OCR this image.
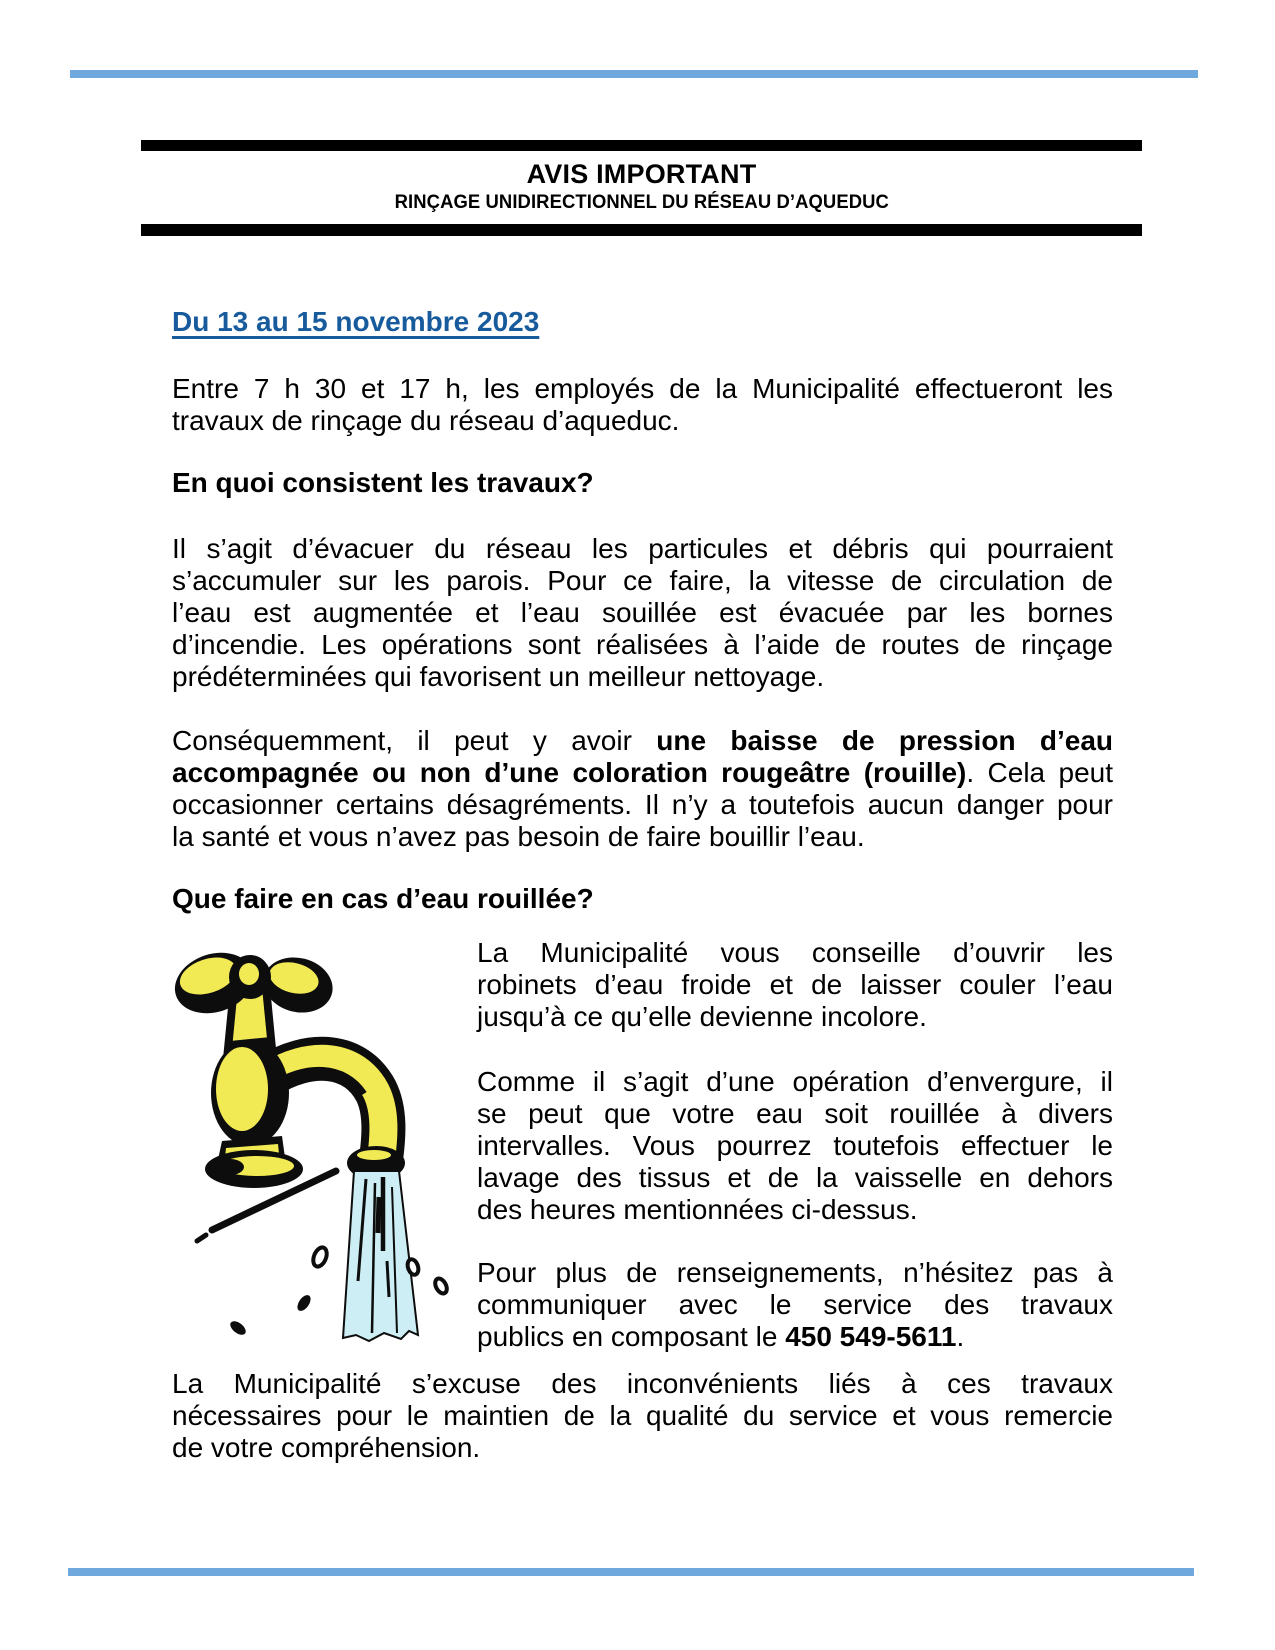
AVIS IMPORTANT
RINÇAGE UNIDIRECTIONNEL DU RÉSEAU D’AQUEDUC
Du 13 au 15 novembre 2023
Entre 7 h 30 et 17 h, les employés de la Municipalité effectueront les
travaux de rinçage du réseau d’aqueduc.
En quoi consistent les travaux?
Il s’agit d’évacuer du réseau les particules et débris qui pourraient
s’accumuler sur les parois. Pour ce faire, la vitesse de circulation de
l’eau est augmentée et l’eau souillée est évacuée par les bornes
d’incendie. Les opérations sont réalisées à l’aide de routes de rinçage
prédéterminées qui favorisent un meilleur nettoyage.
Conséquemment, il peut y avoir une baisse de pression d’eau
accompagnée ou non d’une coloration rougeâtre (rouille). Cela peut
occasionner certains désagréments. Il n’y a toutefois aucun danger pour
la santé et vous n’avez pas besoin de faire bouillir l’eau.
Que faire en cas d’eau rouillée?
La Municipalité vous conseille d’ouvrir les
robinets d’eau froide et de laisser couler l’eau
jusqu’à ce qu’elle devienne incolore.
Comme il s’agit d’une opération d’envergure, il
se peut que votre eau soit rouillée à divers
intervalles. Vous pourrez toutefois effectuer le
lavage des tissus et de la vaisselle en dehors
des heures mentionnées ci-dessus.
Pour plus de renseignements, n’hésitez pas à
communiquer avec le service des travaux
publics en composant le 450 549-5611.
La Municipalité s’excuse des inconvénients liés à ces travaux
nécessaires pour le maintien de la qualité du service et vous remercie
de votre compréhension.
